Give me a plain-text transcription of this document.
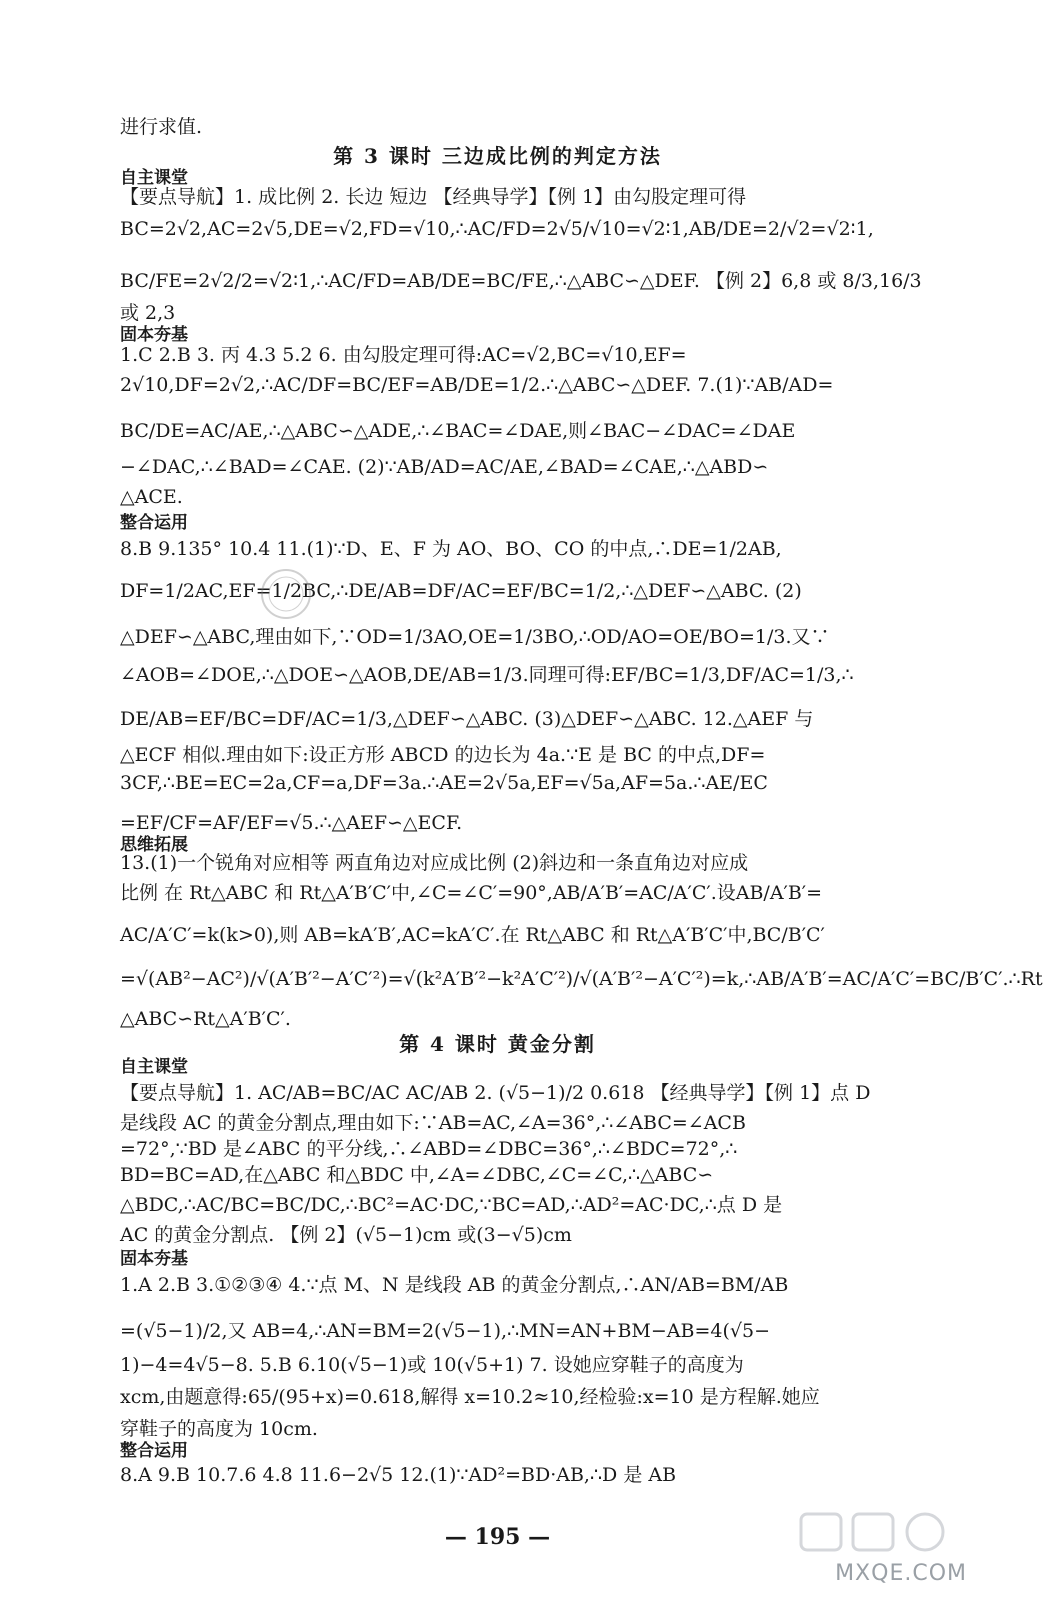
进行求值.
第 3 课时 三边成比例的判定方法
自主课堂
【要点导航】1. 成比例 2. 长边 短边 【经典导学】【例 1】由勾股定理可得
BC=2√2,AC=2√5,DE=√2,FD=√10,∴AC/FD=2√5/√10=√2∶1,AB/DE=2/√2=√2∶1,
BC/FE=2√2/2=√2∶1,∴AC/FD=AB/DE=BC/FE,∴△ABC∽△DEF. 【例 2】6,8 或 8/3,16/3
或 2,3
固本夯基
1.C 2.B 3. 丙 4.3 5.2 6. 由勾股定理可得:AC=√2,BC=√10,EF=
2√10,DF=2√2,∴AC/DF=BC/EF=AB/DE=1/2.∴△ABC∽△DEF. 7.(1)∵AB/AD=
BC/DE=AC/AE,∴△ABC∽△ADE,∴∠BAC=∠DAE,则∠BAC−∠DAC=∠DAE
−∠DAC,∴∠BAD=∠CAE. (2)∵AB/AD=AC/AE,∠BAD=∠CAE,∴△ABD∽
△ACE.
整合运用
8.B 9.135° 10.4 11.(1)∵D、E、F 为 AO、BO、CO 的中点,∴DE=1/2AB,
DF=1/2AC,EF=1/2BC,∴DE/AB=DF/AC=EF/BC=1/2,∴△DEF∽△ABC. (2)
△DEF∽△ABC,理由如下,∵OD=1/3AO,OE=1/3BO,∴OD/AO=OE/BO=1/3.又∵
∠AOB=∠DOE,∴△DOE∽△AOB,DE/AB=1/3.同理可得:EF/BC=1/3,DF/AC=1/3,∴
DE/AB=EF/BC=DF/AC=1/3,△DEF∽△ABC. (3)△DEF∽△ABC. 12.△AEF 与
△ECF 相似.理由如下:设正方形 ABCD 的边长为 4a.∵E 是 BC 的中点,DF=
3CF,∴BE=EC=2a,CF=a,DF=3a.∴AE=2√5a,EF=√5a,AF=5a.∴AE/EC
=EF/CF=AF/EF=√5.∴△AEF∽△ECF.
思维拓展
13.(1)一个锐角对应相等 两直角边对应成比例 (2)斜边和一条直角边对应成
比例 在 Rt△ABC 和 Rt△A′B′C′中,∠C=∠C′=90°,AB/A′B′=AC/A′C′.设AB/A′B′=
AC/A′C′=k(k>0),则 AB=kA′B′,AC=kA′C′.在 Rt△ABC 和 Rt△A′B′C′中,BC/B′C′
=√(AB²−AC²)/√(A′B′²−A′C′²)=√(k²A′B′²−k²A′C′²)/√(A′B′²−A′C′²)=k,∴AB/A′B′=AC/A′C′=BC/B′C′.∴Rt
△ABC∽Rt△A′B′C′.
第 4 课时 黄金分割
自主课堂
【要点导航】1. AC/AB=BC/AC AC/AB 2. (√5−1)/2 0.618 【经典导学】【例 1】点 D
是线段 AC 的黄金分割点,理由如下:∵AB=AC,∠A=36°,∴∠ABC=∠ACB
=72°,∵BD 是∠ABC 的平分线,∴∠ABD=∠DBC=36°,∴∠BDC=72°,∴
BD=BC=AD,在△ABC 和△BDC 中,∠A=∠DBC,∠C=∠C,∴△ABC∽
△BDC,∴AC/BC=BC/DC,∴BC²=AC·DC,∵BC=AD,∴AD²=AC·DC,∴点 D 是
AC 的黄金分割点. 【例 2】(√5−1)cm 或(3−√5)cm
固本夯基
1.A 2.B 3.①②③④ 4.∵点 M、N 是线段 AB 的黄金分割点,∴AN/AB=BM/AB
=(√5−1)/2,又 AB=4,∴AN=BM=2(√5−1),∴MN=AN+BM−AB=4(√5−
1)−4=4√5−8. 5.B 6.10(√5−1)或 10(√5+1) 7. 设她应穿鞋子的高度为
xcm,由题意得:65/(95+x)=0.618,解得 x=10.2≈10,经检验:x=10 是方程解.她应
穿鞋子的高度为 10cm.
整合运用
8.A 9.B 10.7.6 4.8 11.6−2√5 12.(1)∵AD²=BD·AB,∴D 是 AB
— 195 —
MXQE.COM
